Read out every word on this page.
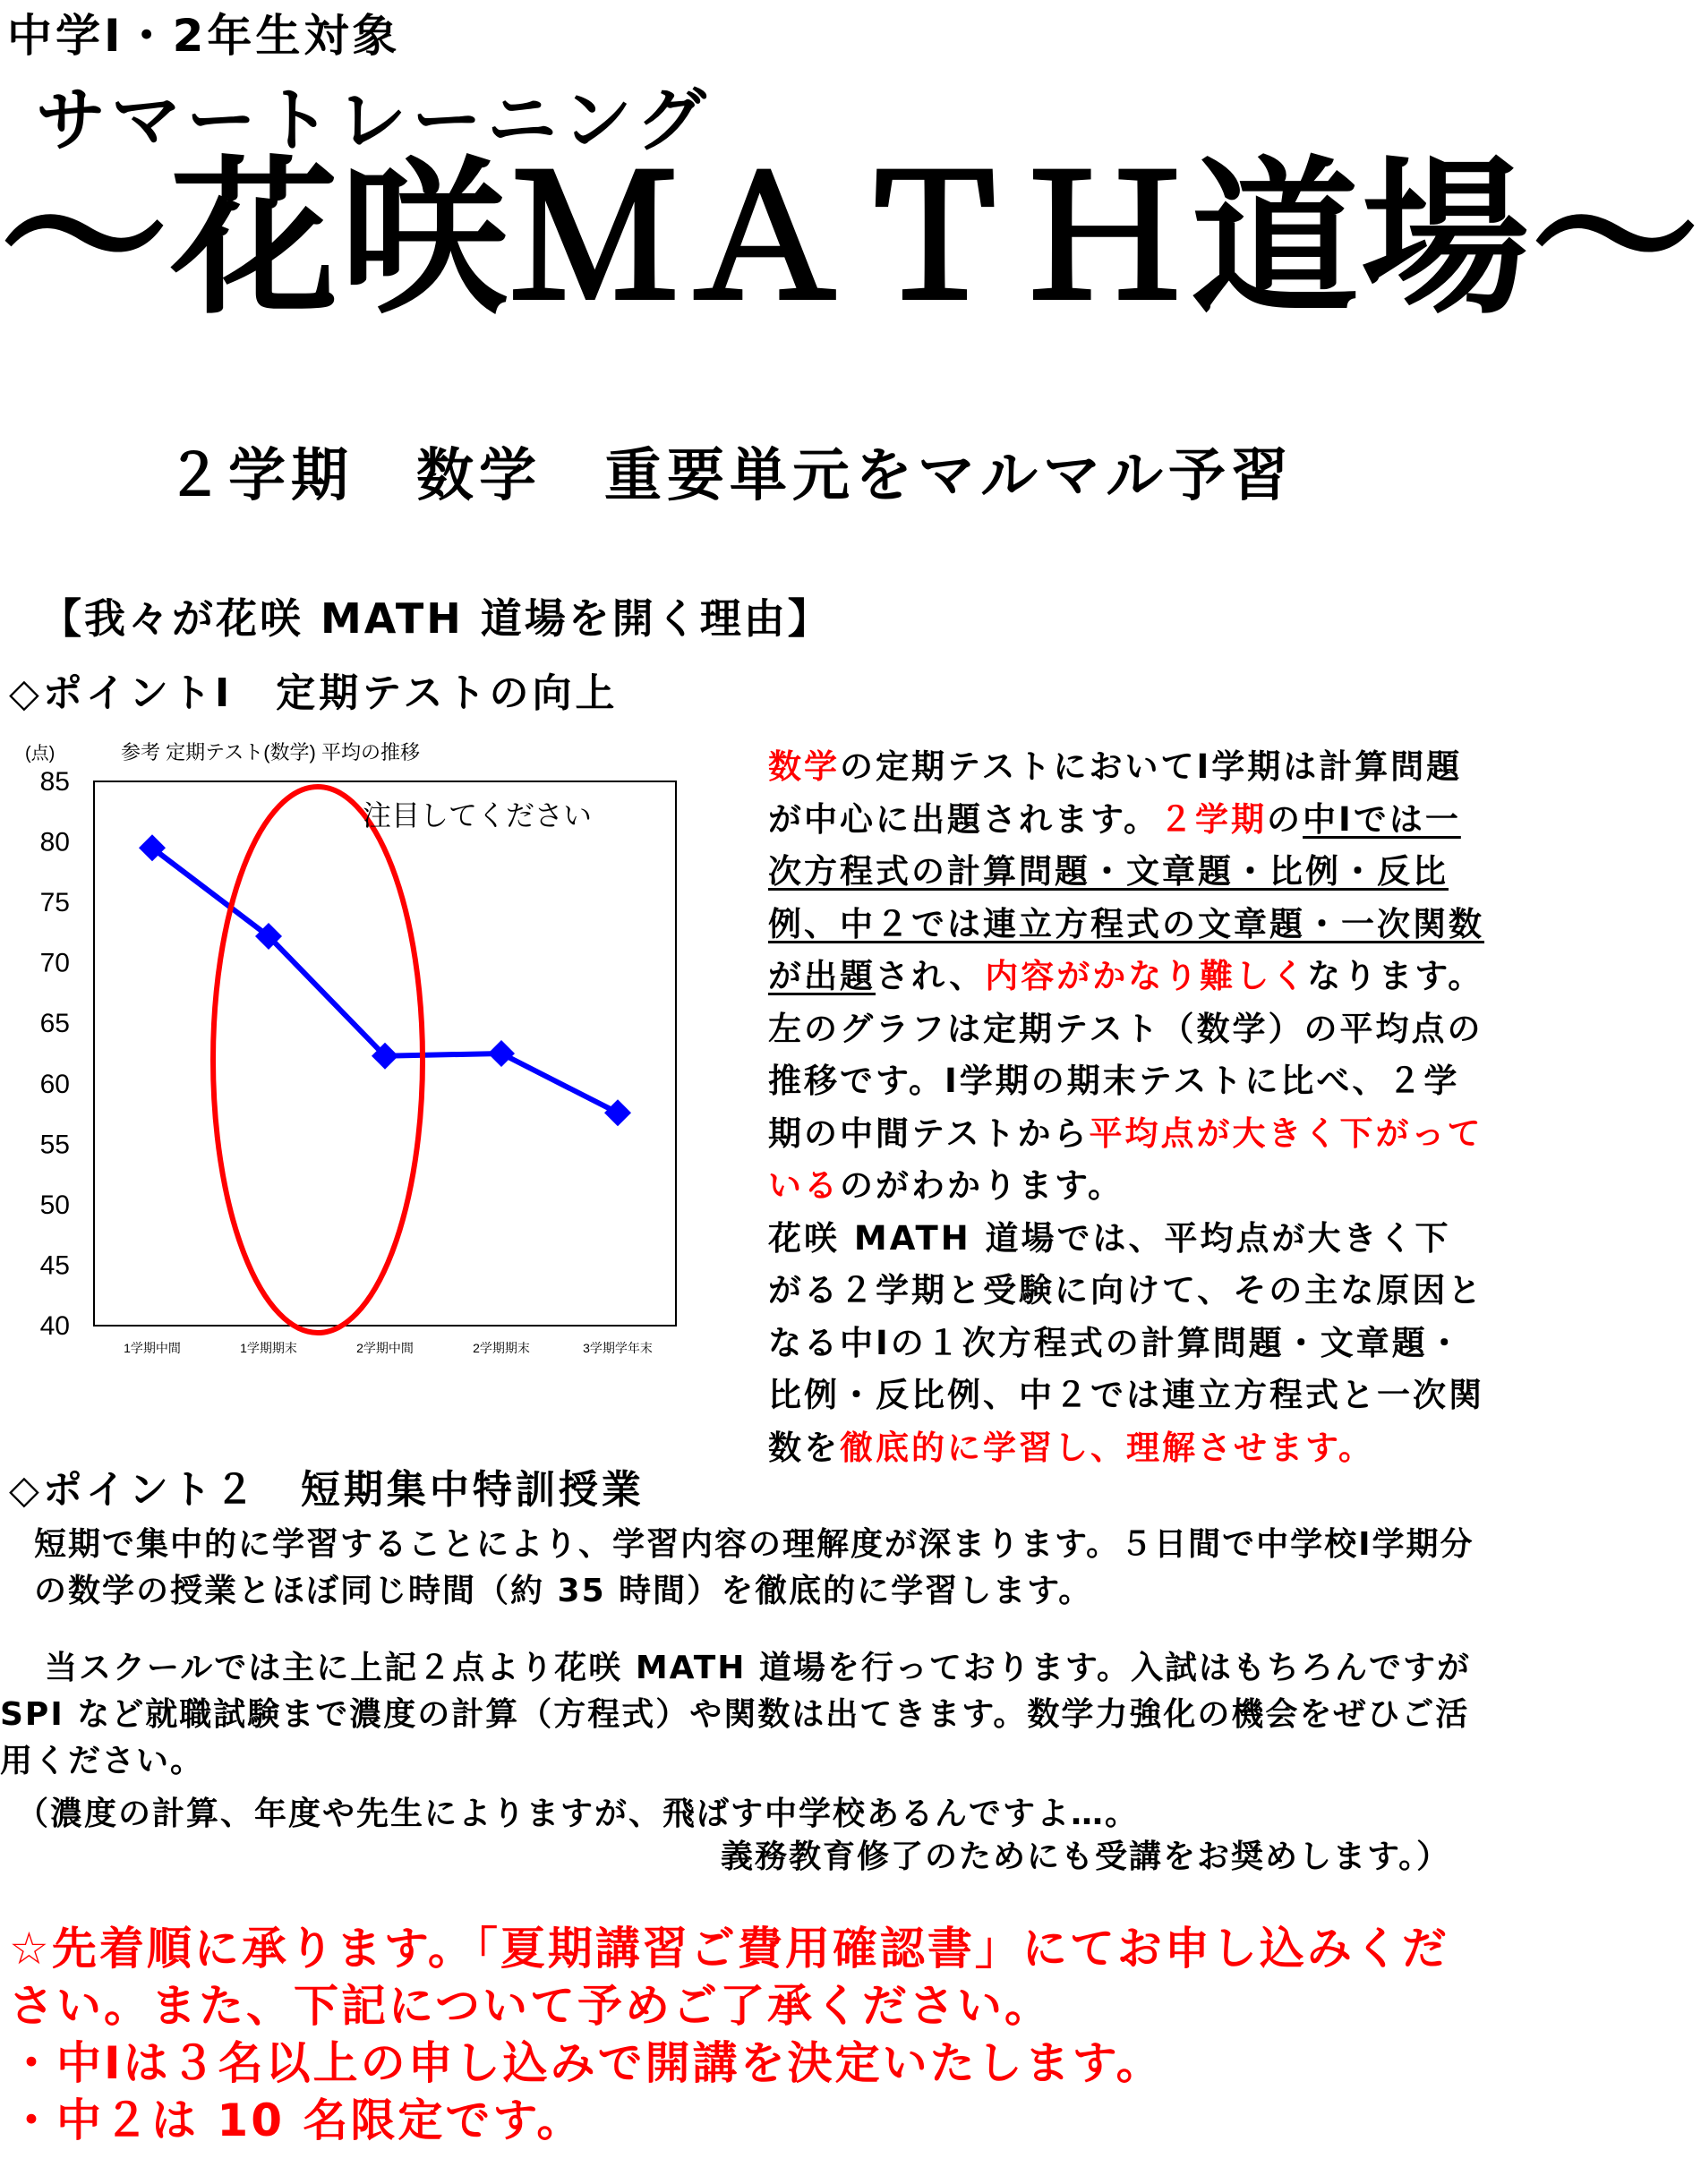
中学Ⅰ・2年生対象
サマートレーニング
～花咲ＭＡＴＨ道場～
２学期　数学　重要単元をマルマル予習
【我々が花咲 MATH 道場を開く理由】
◇ポイントⅠ　定期テストの向上
(点)	参考 定期テスト(数学) 平均の推移
85
80
75
70
65
60
55
50
45
40
1学期中間	1学期期末	2学期中間	2学期期末	3学期学年末
注目してください
数学の定期テストにおいてⅠ学期は計算問題が中心に出題されます。２学期の中Ⅰでは一次方程式の計算問題・文章題・比例・反比例、中２では連立方程式の文章題・一次関数が出題され、内容がかなり難しくなります。左のグラフは定期テスト（数学）の平均点の推移です。Ⅰ学期の期末テストに比べ、２学期の中間テストから平均点が大きく下がっているのがわかります。
花咲 MATH 道場では、平均点が大きく下がる２学期と受験に向けて、その主な原因となる中Ⅰの１次方程式の計算問題・文章題・比例・反比例、中２では連立方程式と一次関数を徹底的に学習し、理解させます。
◇ポイント２　短期集中特訓授業
短期で集中的に学習することにより、学習内容の理解度が深まります。５日間で中学校Ⅰ学期分の数学の授業とほぼ同じ時間（約 35 時間）を徹底的に学習します。

当スクールでは主に上記２点より花咲 MATH 道場を行っております。入試はもちろんですが SPI など就職試験まで濃度の計算（方程式）や関数は出てきます。数学力強化の機会をぜひご活用ください。

（濃度の計算、年度や先生によりますが、飛ばす中学校あるんですよ…。
義務教育修了のためにも受講をお奨めします。）

☆先着順に承ります。「夏期講習ご費用確認書」にてお申し込みください。また、下記について予めご了承ください。

・中Ⅰは３名以上の申し込みで開講を決定いたします。

・中２は 10 名限定です。
